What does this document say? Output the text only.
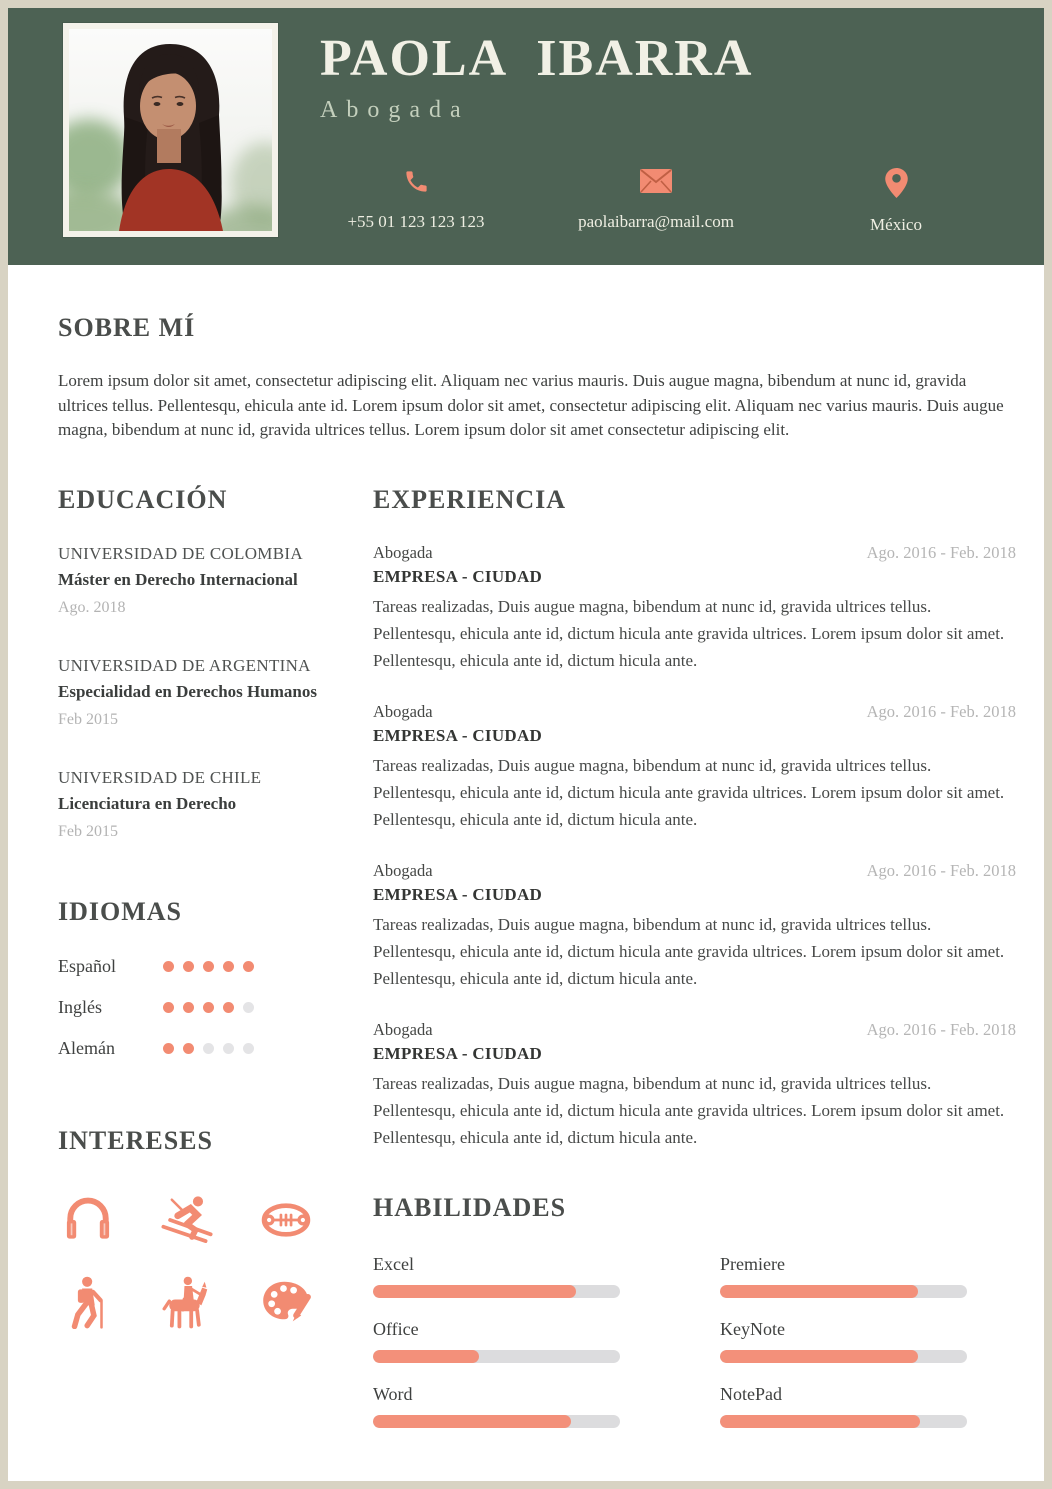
PAOLA IBARRA
Abogada
+55 01 123 123 123	paolaibarra@mail.com	México
SOBRE MÍ

Lorem ipsum dolor sit amet, consectetur adipiscing elit. Aliquam nec varius mauris. Duis augue magna, bibendum at nunc id, gravida ultrices tellus. Pellentesqu, ehicula ante id. Lorem ipsum dolor sit amet, consectetur adipiscing elit. Aliquam nec varius mauris. Duis augue magna, bibendum at nunc id, gravida ultrices tellus. Lorem ipsum dolor sit amet consectetur adipiscing elit.

EDUCACIÓN
UNIVERSIDAD DE COLOMBIA
Máster en Derecho Internacional
Ago. 2018
UNIVERSIDAD DE ARGENTINA
Especialidad en Derechos Humanos
Feb 2015
UNIVERSIDAD DE CHILE
Licenciatura en Derecho
Feb 2015
IDIOMAS
Español
Inglés
Alemán
INTERESES
EXPERIENCIA
Abogada	Ago. 2016 - Feb. 2018
EMPRESA - CIUDAD

Tareas realizadas, Duis augue magna, bibendum at nunc id, gravida ultrices tellus. Pellentesqu, ehicula ante id, dictum hicula ante gravida ultrices. Lorem ipsum dolor sit amet. Pellentesqu, ehicula ante id, dictum hicula ante.

Abogada	Ago. 2016 - Feb. 2018
EMPRESA - CIUDAD

Tareas realizadas, Duis augue magna, bibendum at nunc id, gravida ultrices tellus. Pellentesqu, ehicula ante id, dictum hicula ante gravida ultrices. Lorem ipsum dolor sit amet. Pellentesqu, ehicula ante id, dictum hicula ante.

Abogada	Ago. 2016 - Feb. 2018
EMPRESA - CIUDAD

Tareas realizadas, Duis augue magna, bibendum at nunc id, gravida ultrices tellus. Pellentesqu, ehicula ante id, dictum hicula ante gravida ultrices. Lorem ipsum dolor sit amet. Pellentesqu, ehicula ante id, dictum hicula ante.

Abogada	Ago. 2016 - Feb. 2018
EMPRESA - CIUDAD

Tareas realizadas, Duis augue magna, bibendum at nunc id, gravida ultrices tellus. Pellentesqu, ehicula ante id, dictum hicula ante gravida ultrices. Lorem ipsum dolor sit amet. Pellentesqu, ehicula ante id, dictum hicula ante.

HABILIDADES
Excel
Office
Word
Premiere
KeyNote
NotePad
